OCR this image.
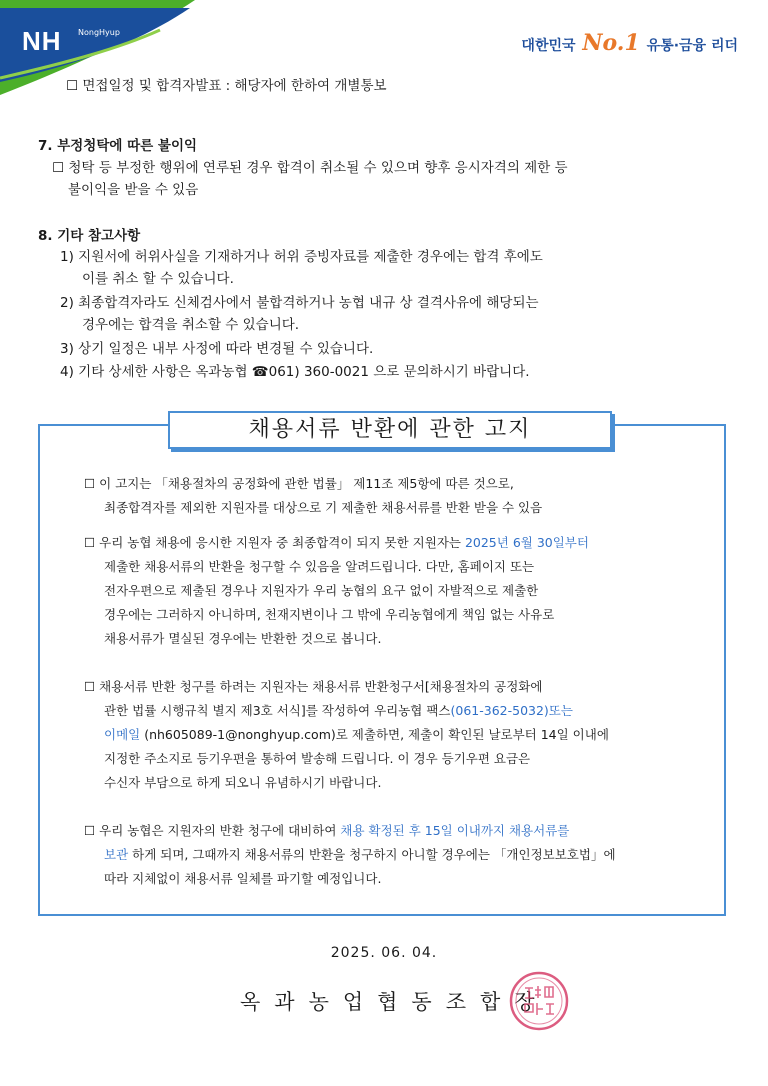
NH NongHyup
대한민국 No.1 유통·금융 리더
☐ 면접일정 및 합격자발표 : 해당자에 한하여 개별통보
7. 부정청탁에 따른 불이익
☐ 청탁 등 부정한 행위에 연루된 경우 합격이 취소될 수 있으며 향후 응시자격의 제한 등
불이익을 받을 수 있음
8. 기타 참고사항
1) 지원서에 허위사실을 기재하거나 허위 증빙자료를 제출한 경우에는 합격 후에도
이를 취소 할 수 있습니다.
2) 최종합격자라도 신체검사에서 불합격하거나 농협 내규 상 결격사유에 해당되는
경우에는 합격을 취소할 수 있습니다.
3) 상기 일정은 내부 사정에 따라 변경될 수 있습니다.
4) 기타 상세한 사항은 옥과농협 ☎061) 360-0021 으로 문의하시기 바랍니다.
채용서류 반환에 관한 고지
☐ 이 고지는 「채용절차의 공정화에 관한 법률」 제11조 제5항에 따른 것으로,
최종합격자를 제외한 지원자를 대상으로 기 제출한 채용서류를 반환 받을 수 있음
☐ 우리 농협 채용에 응시한 지원자 중 최종합격이 되지 못한 지원자는 2025년 6월 30일부터
제출한 채용서류의 반환을 청구할 수 있음을 알려드립니다. 다만, 홈페이지 또는
전자우편으로 제출된 경우나 지원자가 우리 농협의 요구 없이 자발적으로 제출한
경우에는 그러하지 아니하며, 천재지변이나 그 밖에 우리농협에게 책임 없는 사유로
채용서류가 멸실된 경우에는 반환한 것으로 봅니다.
☐ 채용서류 반환 청구를 하려는 지원자는 채용서류 반환청구서[채용절차의 공정화에
관한 법률 시행규칙 별지 제3호 서식]를 작성하여 우리농협 팩스(061-362-5032)또는
이메일 (nh605089-1@nonghyup.com)로 제출하면, 제출이 확인된 날로부터 14일 이내에
지정한 주소지로 등기우편을 통하여 발송해 드립니다. 이 경우 등기우편 요금은
수신자 부담으로 하게 되오니 유념하시기 바랍니다.
☐ 우리 농협은 지원자의 반환 청구에 대비하여 채용 확정된 후 15일 이내까지 채용서류를
보관 하게 되며, 그때까지 채용서류의 반환을 청구하지 아니할 경우에는 「개인정보보호법」에
따라 지체없이 채용서류 일체를 파기할 예정입니다.
2025. 06. 04.
옥과농업협동조합장
